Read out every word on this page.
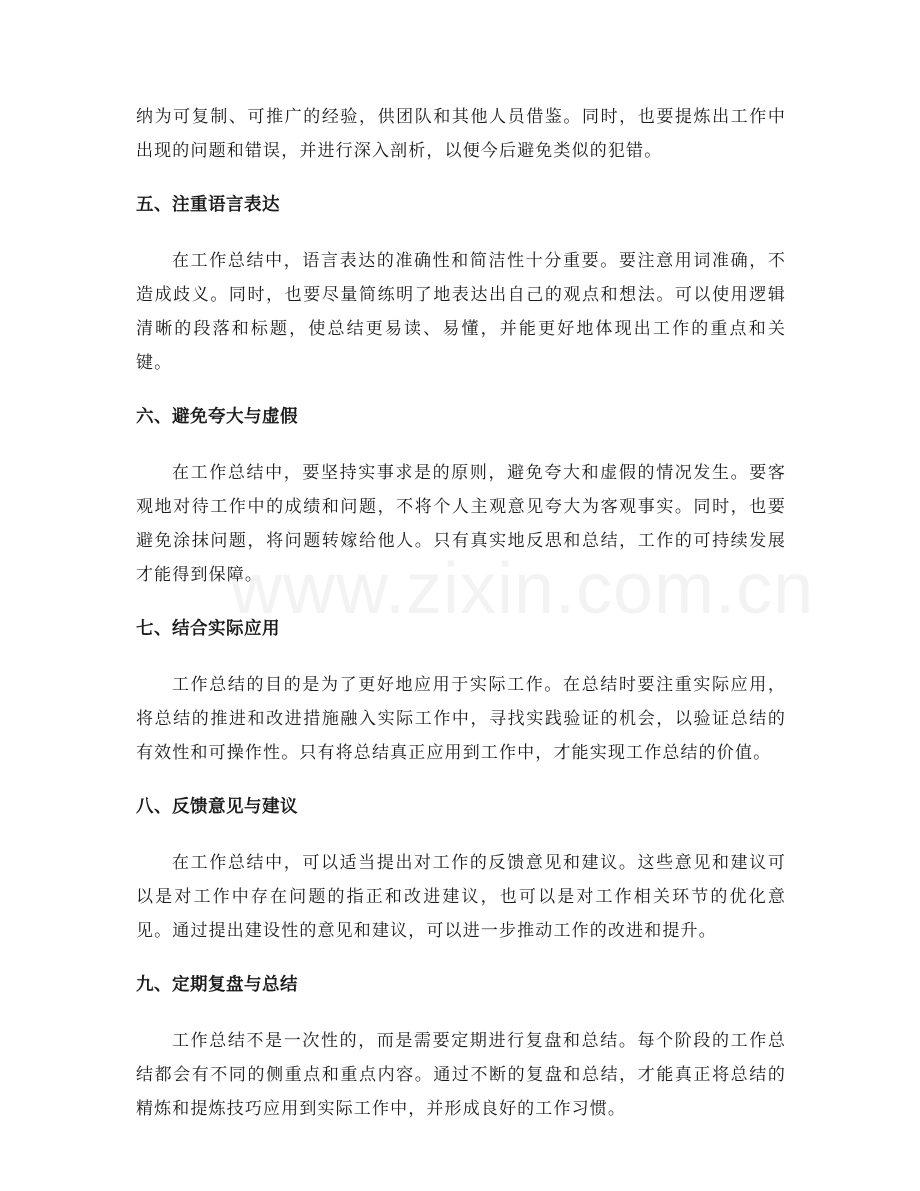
www.zixin.com.cn

纳为可复制、可推广的经验，供团队和其他人员借鉴。同时，也要提炼出工作中出现的问题和错误，并进行深入剖析，以便今后避免类似的犯错。

五、注重语言表达

在工作总结中，语言表达的准确性和简洁性十分重要。要注意用词准确，不造成歧义。同时，也要尽量简练明了地表达出自己的观点和想法。可以使用逻辑清晰的段落和标题，使总结更易读、易懂，并能更好地体现出工作的重点和关键。

六、避免夸大与虚假

在工作总结中，要坚持实事求是的原则，避免夸大和虚假的情况发生。要客观地对待工作中的成绩和问题，不将个人主观意见夸大为客观事实。同时，也要避免涂抹问题，将问题转嫁给他人。只有真实地反思和总结，工作的可持续发展才能得到保障。

七、结合实际应用

工作总结的目的是为了更好地应用于实际工作。在总结时要注重实际应用，将总结的推进和改进措施融入实际工作中，寻找实践验证的机会，以验证总结的有效性和可操作性。只有将总结真正应用到工作中，才能实现工作总结的价值。

八、反馈意见与建议

在工作总结中，可以适当提出对工作的反馈意见和建议。这些意见和建议可以是对工作中存在问题的指正和改进建议，也可以是对工作相关环节的优化意见。通过提出建设性的意见和建议，可以进一步推动工作的改进和提升。

九、定期复盘与总结

工作总结不是一次性的，而是需要定期进行复盘和总结。每个阶段的工作总结都会有不同的侧重点和重点内容。通过不断的复盘和总结，才能真正将总结的精炼和提炼技巧应用到实际工作中，并形成良好的工作习惯。
